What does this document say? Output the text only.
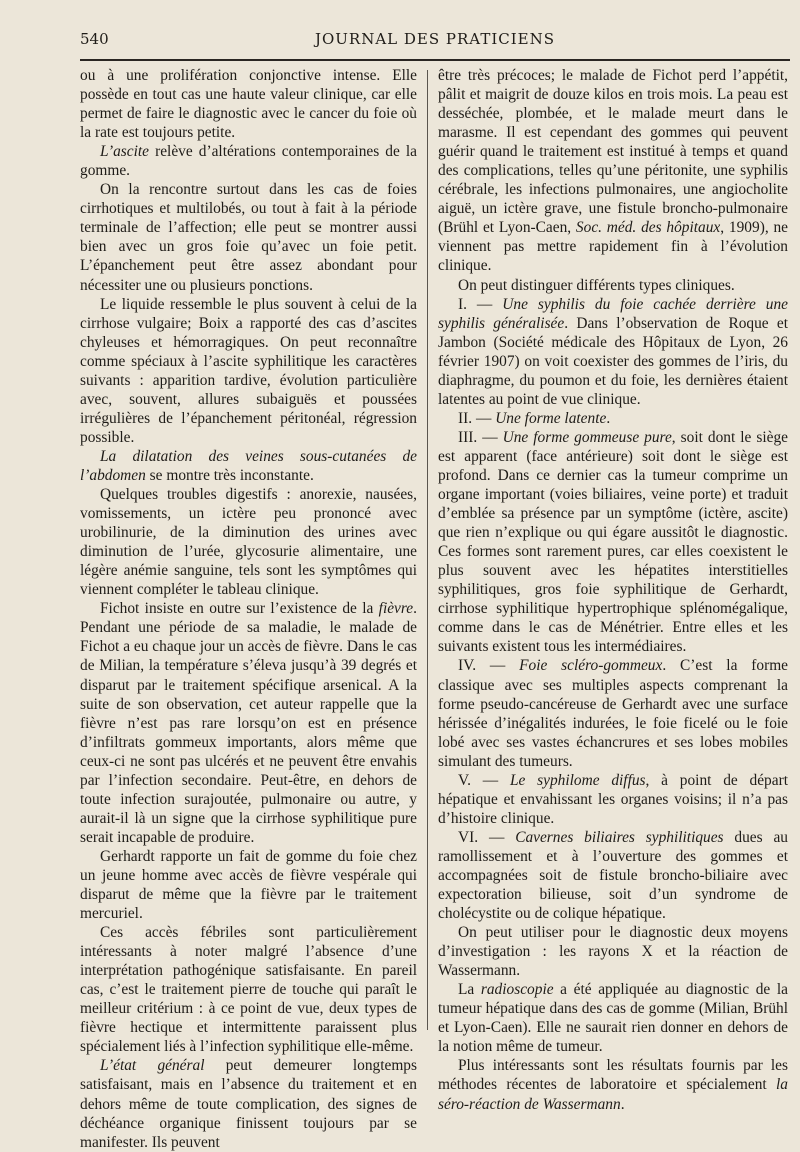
540	JOURNAL DES PRATICIENS

ou à une prolifération conjonctive intense. Elle possède en tout cas une haute valeur clinique, car elle permet de faire le diagnostic avec le cancer du foie où la rate est toujours petite.

L’ascite relève d’altérations contemporaines de la gomme.

On la rencontre surtout dans les cas de foies cirrhotiques et multilobés, ou tout à fait à la période terminale de l’affection; elle peut se montrer aussi bien avec un gros foie qu’avec un foie petit. L’épanchement peut être assez abondant pour nécessiter une ou plusieurs ponctions.

Le liquide ressemble le plus souvent à celui de la cirrhose vulgaire; Boix a rapporté des cas d’ascites chyleuses et hémorragiques. On peut reconnaître comme spéciaux à l’ascite syphilitique les caractères suivants : apparition tardive, évolution particulière avec, souvent, allures subaiguës et poussées irrégulières de l’épanchement péritonéal, régression possible.

La dilatation des veines sous-cutanées de l’abdomen se montre très inconstante.

Quelques troubles digestifs : anorexie, nausées, vomissements, un ictère peu prononcé avec urobilinurie, de la diminution des urines avec diminution de l’urée, glycosurie alimentaire, une légère anémie sanguine, tels sont les symptômes qui viennent compléter le tableau clinique.

Fichot insiste en outre sur l’existence de la fièvre. Pendant une période de sa maladie, le malade de Fichot a eu chaque jour un accès de fièvre. Dans le cas de Milian, la température s’éleva jusqu’à 39 degrés et disparut par le traitement spécifique arsenical. A la suite de son observation, cet auteur rappelle que la fièvre n’est pas rare lorsqu’on est en présence d’infiltrats gommeux importants, alors même que ceux-ci ne sont pas ulcérés et ne peuvent être envahis par l’infection secondaire. Peut-être, en dehors de toute infection surajoutée, pulmonaire ou autre, y aurait-il là un signe que la cirrhose syphilitique pure serait incapable de produire.

Gerhardt rapporte un fait de gomme du foie chez un jeune homme avec accès de fièvre vespérale qui disparut de même que la fièvre par le traitement mercuriel.

Ces accès fébriles sont particulièrement intéressants à noter malgré l’absence d’une interprétation pathogénique satisfaisante. En pareil cas, c’est le traitement pierre de touche qui paraît le meilleur critérium : à ce point de vue, deux types de fièvre hectique et intermittente paraissent plus spécialement liés à l’infection syphilitique elle-même.

L’état général peut demeurer longtemps satisfaisant, mais en l’absence du traitement et en dehors même de toute complication, des signes de déchéance organique finissent toujours par se manifester. Ils peuvent

être très précoces; le malade de Fichot perd l’appétit, pâlit et maigrit de douze kilos en trois mois. La peau est desséchée, plombée, et le malade meurt dans le marasme. Il est cependant des gommes qui peuvent guérir quand le traitement est institué à temps et quand des complications, telles qu’une péritonite, une syphilis cérébrale, les infections pulmonaires, une angiocholite aiguë, un ictère grave, une fistule broncho-pulmonaire (Brühl et Lyon-Caen, Soc. méd. des hôpitaux, 1909), ne viennent pas mettre rapidement fin à l’évolution clinique.

On peut distinguer différents types cliniques.

I. — Une syphilis du foie cachée derrière une syphilis généralisée. Dans l’observation de Roque et Jambon (Société médicale des Hôpitaux de Lyon, 26 février 1907) on voit coexister des gommes de l’iris, du diaphragme, du poumon et du foie, les dernières étaient latentes au point de vue clinique.

II. — Une forme latente.

III. — Une forme gommeuse pure, soit dont le siège est apparent (face antérieure) soit dont le siège est profond. Dans ce dernier cas la tumeur comprime un organe important (voies biliaires, veine porte) et traduit d’emblée sa présence par un symptôme (ictère, ascite) que rien n’explique ou qui égare aussitôt le diagnostic. Ces formes sont rarement pures, car elles coexistent le plus souvent avec les hépatites interstitielles syphilitiques, gros foie syphilitique de Gerhardt, cirrhose syphilitique hypertrophique splénomégalique, comme dans le cas de Ménétrier. Entre elles et les suivants existent tous les intermédiaires.

IV. — Foie scléro-gommeux. C’est la forme classique avec ses multiples aspects comprenant la forme pseudo-cancéreuse de Gerhardt avec une surface hérissée d’inégalités indurées, le foie ficelé ou le foie lobé avec ses vastes échancrures et ses lobes mobiles simulant des tumeurs.

V. — Le syphilome diffus, à point de départ hépatique et envahissant les organes voisins; il n’a pas d’histoire clinique.

VI. — Cavernes biliaires syphilitiques dues au ramollissement et à l’ouverture des gommes et accompagnées soit de fistule broncho-biliaire avec expectoration bilieuse, soit d’un syndrome de cholécystite ou de colique hépatique.

On peut utiliser pour le diagnostic deux moyens d’investigation : les rayons X et la réaction de Wassermann.

La radioscopie a été appliquée au diagnostic de la tumeur hépatique dans des cas de gomme (Milian, Brühl et Lyon-Caen). Elle ne saurait rien donner en dehors de la notion même de tumeur.

Plus intéressants sont les résultats fournis par les méthodes récentes de laboratoire et spécialement la séro-réaction de Wassermann.
